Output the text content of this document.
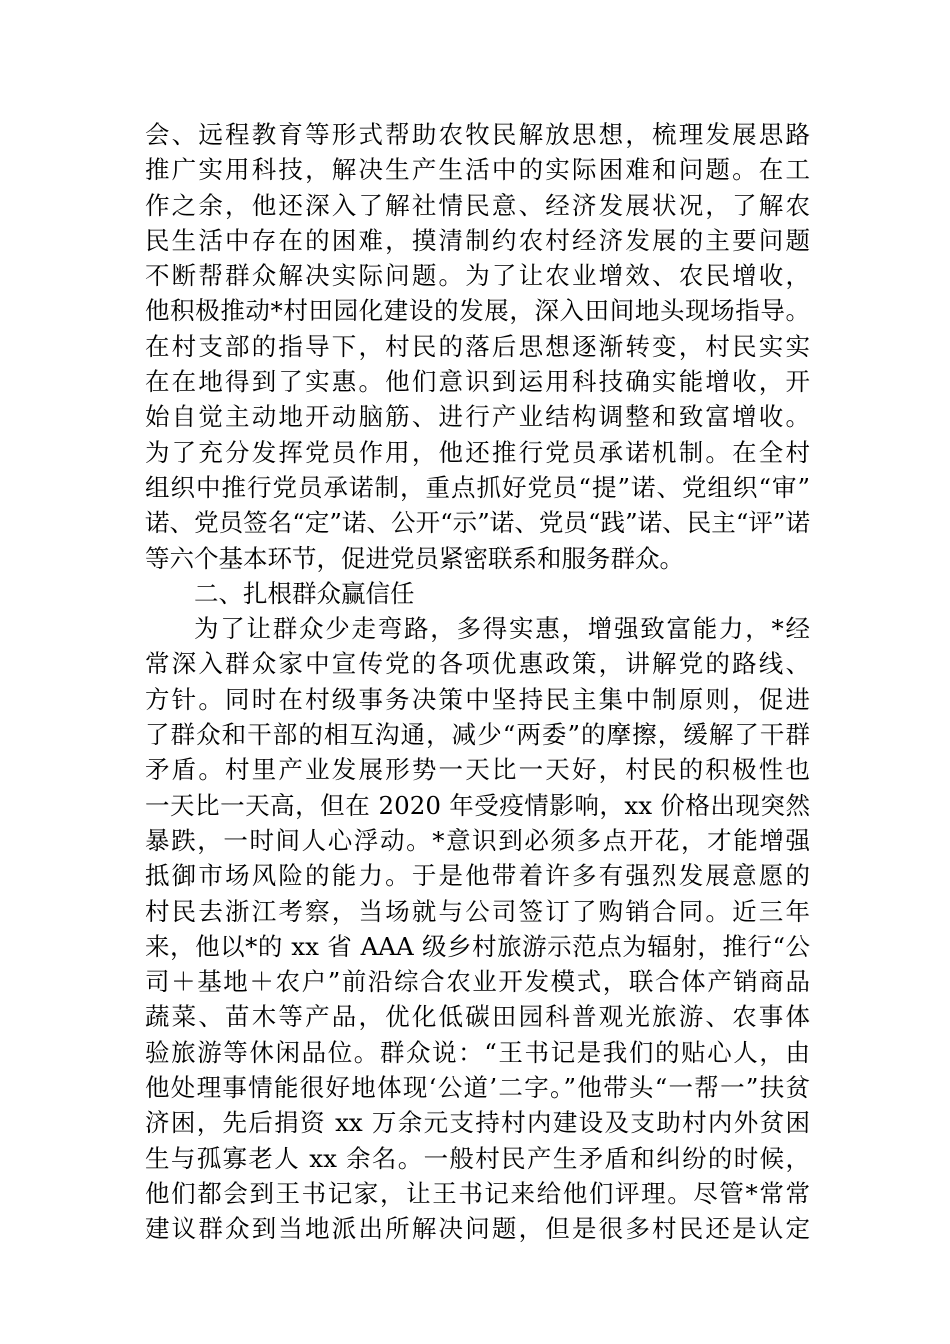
会、远程教育等形式帮助农牧民解放思想，梳理发展思路
推广实用科技，解决生产生活中的实际困难和问题。在工
作之余，他还深入了解社情民意、经济发展状况，了解农
民生活中存在的困难，摸清制约农村经济发展的主要问题
不断帮群众解决实际问题。为了让农业增效、农民增收，
他积极推动*村田园化建设的发展，深入田间地头现场指导。
在村支部的指导下，村民的落后思想逐渐转变，村民实实
在在地得到了实惠。他们意识到运用科技确实能增收，开
始自觉主动地开动脑筋、进行产业结构调整和致富增收。
为了充分发挥党员作用，他还推行党员承诺机制。在全村
组织中推行党员承诺制，重点抓好党员“提”诺、党组织“审”
诺、党员签名“定”诺、公开“示”诺、党员“践”诺、民主“评”诺
等六个基本环节，促进党员紧密联系和服务群众。
二、扎根群众赢信任
为了让群众少走弯路，多得实惠，增强致富能力，*经
常深入群众家中宣传党的各项优惠政策，讲解党的路线、
方针。同时在村级事务决策中坚持民主集中制原则，促进
了群众和干部的相互沟通，减少“两委”的摩擦，缓解了干群
矛盾。村里产业发展形势一天比一天好，村民的积极性也
一天比一天高，但在 2020 年受疫情影响，xx 价格出现突然
暴跌，一时间人心浮动。*意识到必须多点开花，才能增强
抵御市场风险的能力。于是他带着许多有强烈发展意愿的
村民去浙江考察，当场就与公司签订了购销合同。近三年
来，他以*的 xx 省 AAA 级乡村旅游示范点为辐射，推行“公
司＋基地＋农户”前沿综合农业开发模式，联合体产销商品
蔬菜、苗木等产品，优化低碳田园科普观光旅游、农事体
验旅游等休闲品位。群众说：“王书记是我们的贴心人，由
他处理事情能很好地体现‘公道’二字。”他带头“一帮一”扶贫
济困，先后捐资 xx 万余元支持村内建设及支助村内外贫困
生与孤寡老人 xx 余名。一般村民产生矛盾和纠纷的时候，
他们都会到王书记家，让王书记来给他们评理。尽管*常常
建议群众到当地派出所解决问题，但是很多村民还是认定
